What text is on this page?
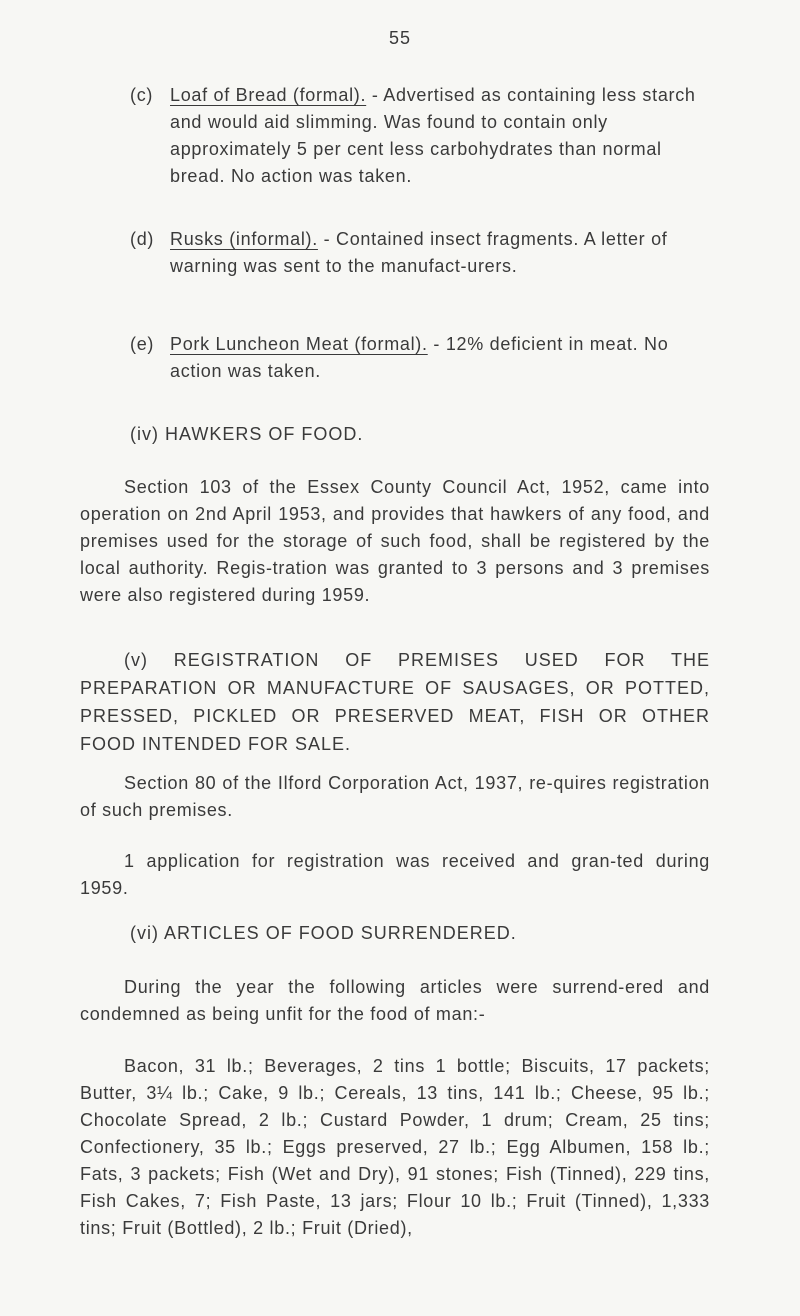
55
(c) Loaf of Bread (formal). - Advertised as containing less starch and would aid slimming. Was found to contain only approximately 5 per cent less carbohydrates than normal bread. No action was taken.
(d) Rusks (informal). - Contained insect fragments. A letter of warning was sent to the manufact-urers.
(e) Pork Luncheon Meat (formal). - 12% deficient in meat. No action was taken.
(iv) HAWKERS OF FOOD.

Section 103 of the Essex County Council Act, 1952, came into operation on 2nd April 1953, and provides that hawkers of any food, and premises used for the storage of such food, shall be registered by the local authority. Regis-tration was granted to 3 persons and 3 premises were also registered during 1959.

(v) REGISTRATION OF PREMISES USED FOR THE PREPARATION OR MANUFACTURE OF SAUSAGES, OR POTTED, PRESSED, PICKLED OR PRESERVED MEAT, FISH OR OTHER FOOD INTENDED FOR SALE.

Section 80 of the Ilford Corporation Act, 1937, re-quires registration of such premises.

1 application for registration was received and gran-ted during 1959.

(vi) ARTICLES OF FOOD SURRENDERED.

During the year the following articles were surrend-ered and condemned as being unfit for the food of man:-

Bacon, 31 lb.; Beverages, 2 tins 1 bottle; Biscuits, 17 packets; Butter, 3¼ lb.; Cake, 9 lb.; Cereals, 13 tins, 141 lb.; Cheese, 95 lb.; Chocolate Spread, 2 lb.; Custard Powder, 1 drum; Cream, 25 tins; Confectionery, 35 lb.; Eggs preserved, 27 lb.; Egg Albumen, 158 lb.; Fats, 3 packets; Fish (Wet and Dry), 91 stones; Fish (Tinned), 229 tins, Fish Cakes, 7; Fish Paste, 13 jars; Flour 10 lb.; Fruit (Tinned), 1,333 tins; Fruit (Bottled), 2 lb.; Fruit (Dried),
